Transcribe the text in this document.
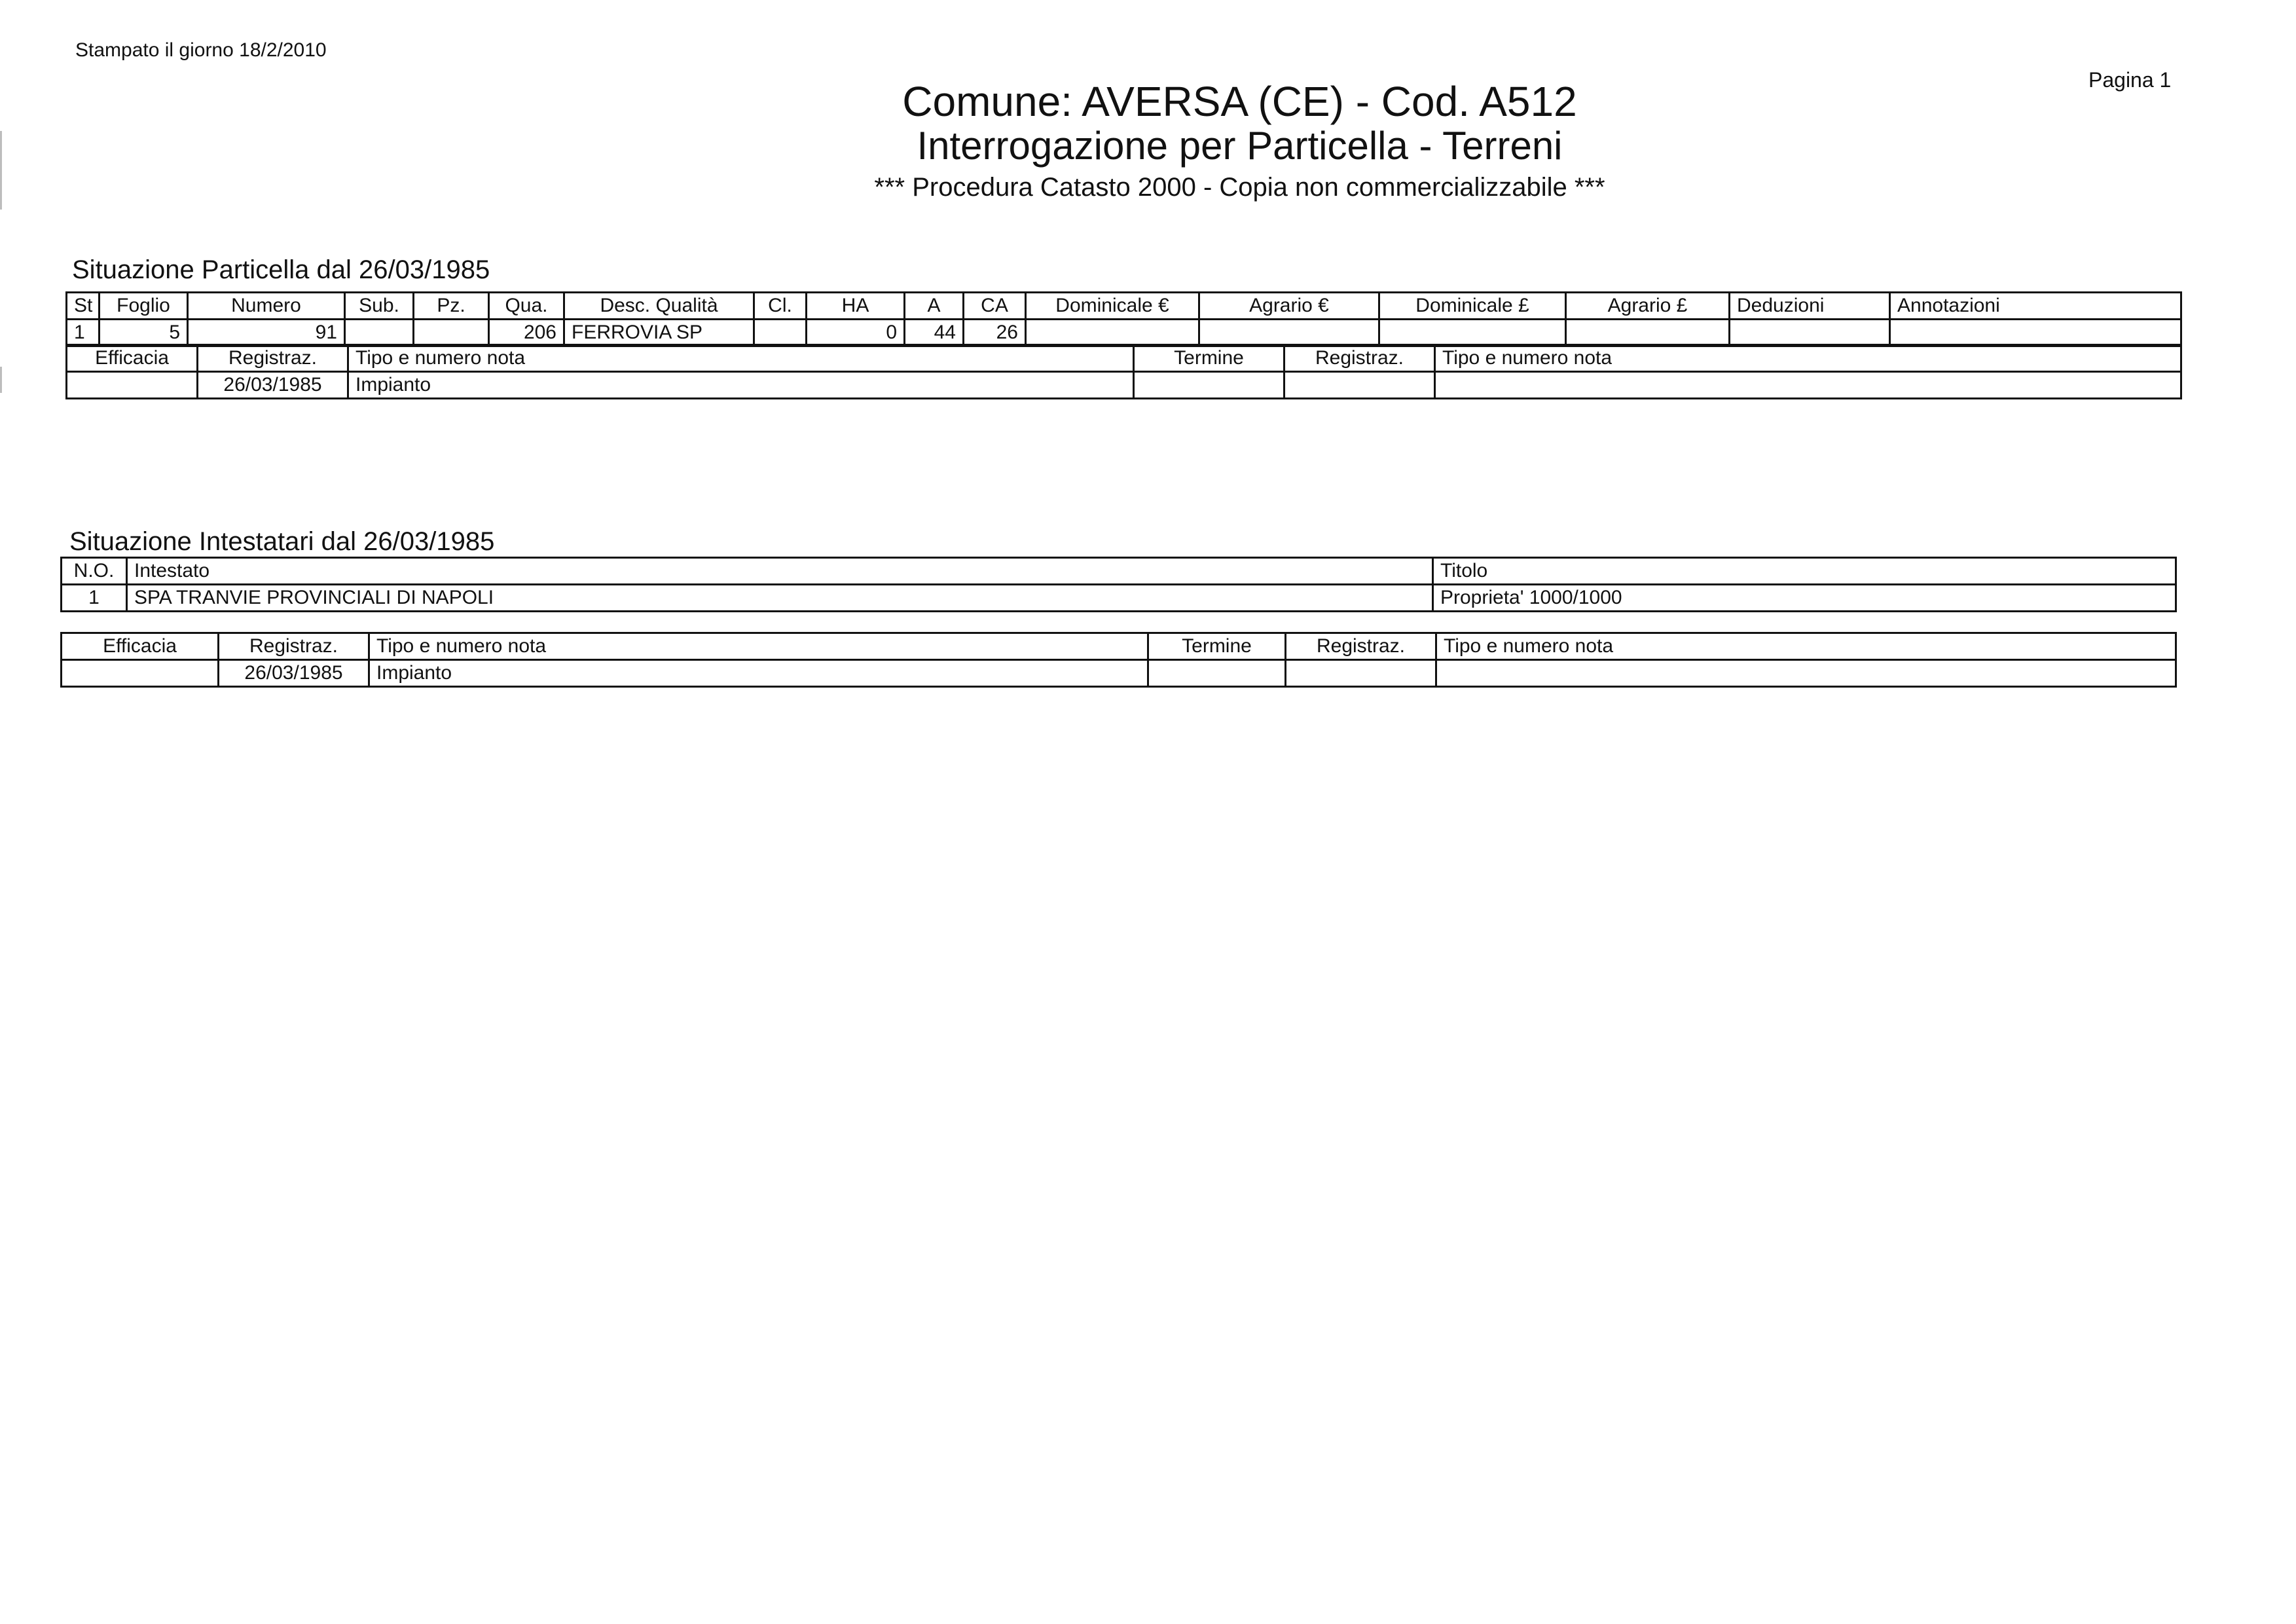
Stampato il giorno 18/2/2010
Pagina 1
Comune: AVERSA (CE) - Cod. A512
Interrogazione per Particella - Terreni
*** Procedura Catasto 2000 - Copia non commercializzabile ***
Situazione Particella dal 26/03/1985
St	Foglio	Numero	Sub.	Pz.	Qua.	Desc. Qualità	Cl.	HA	A	CA	Dominicale €	Agrario €	Dominicale £	Agrario £	Deduzioni	Annotazioni
1	5	91			206	FERROVIA SP		0	44	26						
Efficacia	Registraz.	Tipo e numero nota	Termine	Registraz.	Tipo e numero nota
	26/03/1985	Impianto			
Situazione Intestatari dal 26/03/1985
N.O.	Intestato	Titolo
1	SPA TRANVIE PROVINCIALI DI NAPOLI	Proprieta' 1000/1000
Efficacia	Registraz.	Tipo e numero nota	Termine	Registraz.	Tipo e numero nota
	26/03/1985	Impianto			
